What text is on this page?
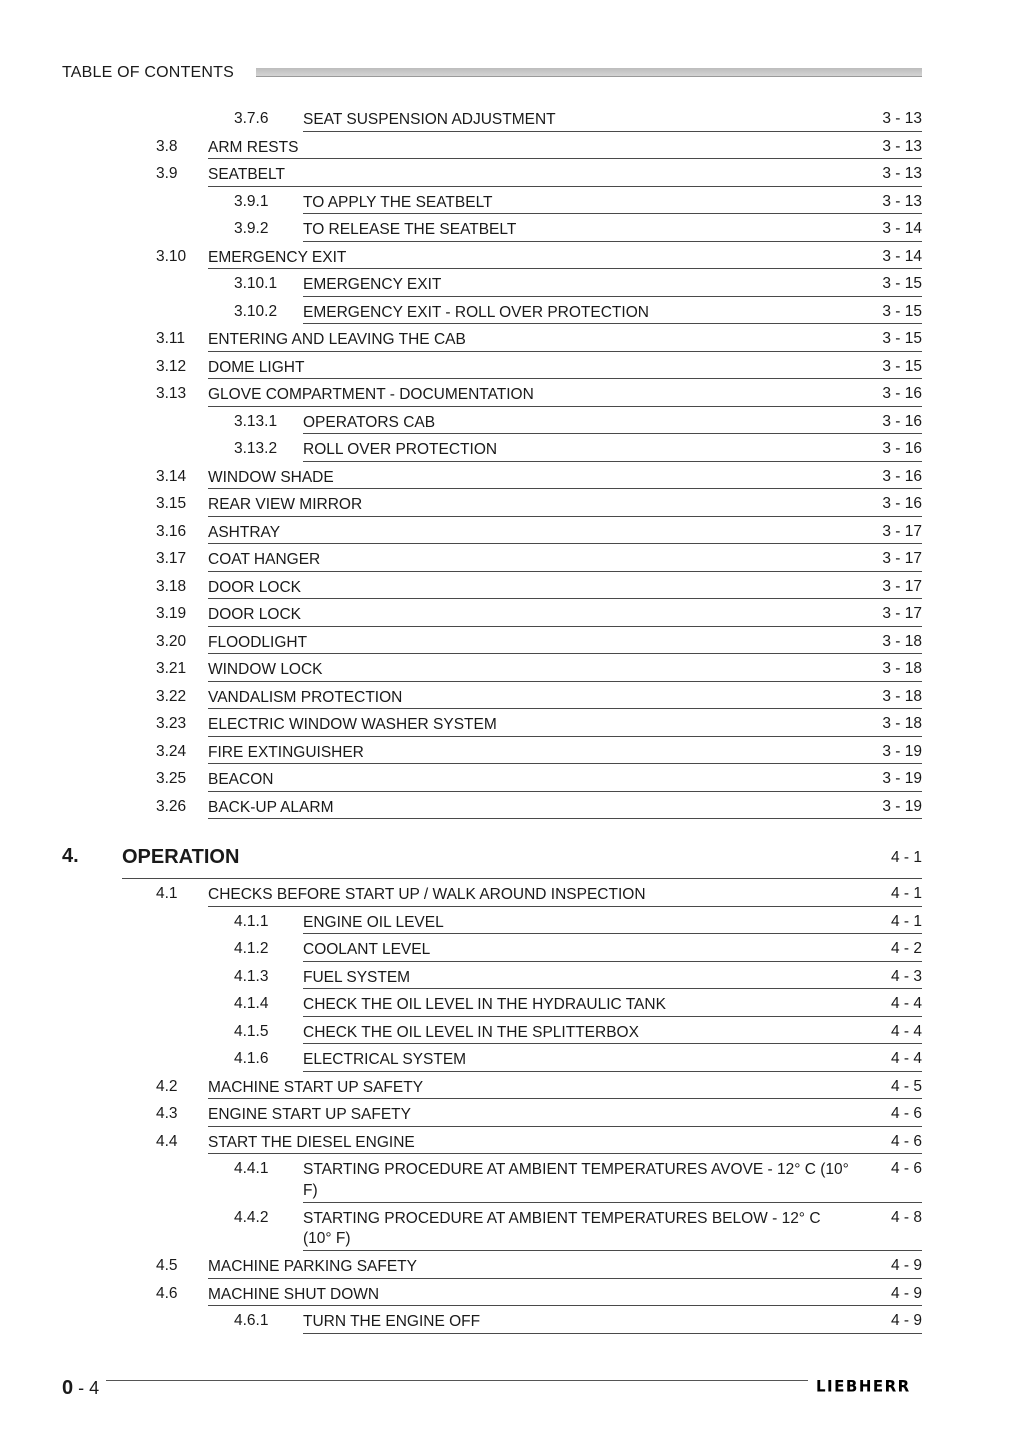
TABLE OF CONTENTS
3.7.6 SEAT SUSPENSION ADJUSTMENT	3 - 13
3.8 ARM RESTS	3 - 13
3.9 SEATBELT	3 - 13
3.9.1 TO APPLY THE SEATBELT	3 - 13
3.9.2 TO RELEASE THE SEATBELT	3 - 14
3.10 EMERGENCY EXIT	3 - 14
3.10.1 EMERGENCY EXIT	3 - 15
3.10.2 EMERGENCY EXIT - ROLL OVER PROTECTION	3 - 15
3.11 ENTERING AND LEAVING THE CAB	3 - 15
3.12 DOME LIGHT	3 - 15
3.13 GLOVE COMPARTMENT - DOCUMENTATION	3 - 16
3.13.1 OPERATORS CAB	3 - 16
3.13.2 ROLL OVER PROTECTION	3 - 16
3.14 WINDOW SHADE	3 - 16
3.15 REAR VIEW MIRROR	3 - 16
3.16 ASHTRAY	3 - 17
3.17 COAT HANGER	3 - 17
3.18 DOOR LOCK	3 - 17
3.19 DOOR LOCK	3 - 17
3.20 FLOODLIGHT	3 - 18
3.21 WINDOW LOCK	3 - 18
3.22 VANDALISM PROTECTION	3 - 18
3.23 ELECTRIC WINDOW WASHER SYSTEM	3 - 18
3.24 FIRE EXTINGUISHER	3 - 19
3.25 BEACON	3 - 19
3.26 BACK-UP ALARM	3 - 19
4. OPERATION	4 - 1
4.1 CHECKS BEFORE START UP / WALK AROUND INSPECTION	4 - 1
4.1.1 ENGINE OIL LEVEL	4 - 1
4.1.2 COOLANT LEVEL	4 - 2
4.1.3 FUEL SYSTEM	4 - 3
4.1.4 CHECK THE OIL LEVEL IN THE HYDRAULIC TANK	4 - 4
4.1.5 CHECK THE OIL LEVEL IN THE SPLITTERBOX	4 - 4
4.1.6 ELECTRICAL SYSTEM	4 - 4
4.2 MACHINE START UP SAFETY	4 - 5
4.3 ENGINE START UP SAFETY	4 - 6
4.4 START THE DIESEL ENGINE	4 - 6
4.4.1 STARTING PROCEDURE AT AMBIENT TEMPERATURES AVOVE - 12° C (10° F)
4 - 6
4.4.2 STARTING PROCEDURE AT AMBIENT TEMPERATURES BELOW - 12° C (10° F)
4 - 8
4.5 MACHINE PARKING SAFETY	4 - 9
4.6 MACHINE SHUT DOWN	4 - 9
4.6.1 TURN THE ENGINE OFF	4 - 9
0 - 4	LIEBHERR
